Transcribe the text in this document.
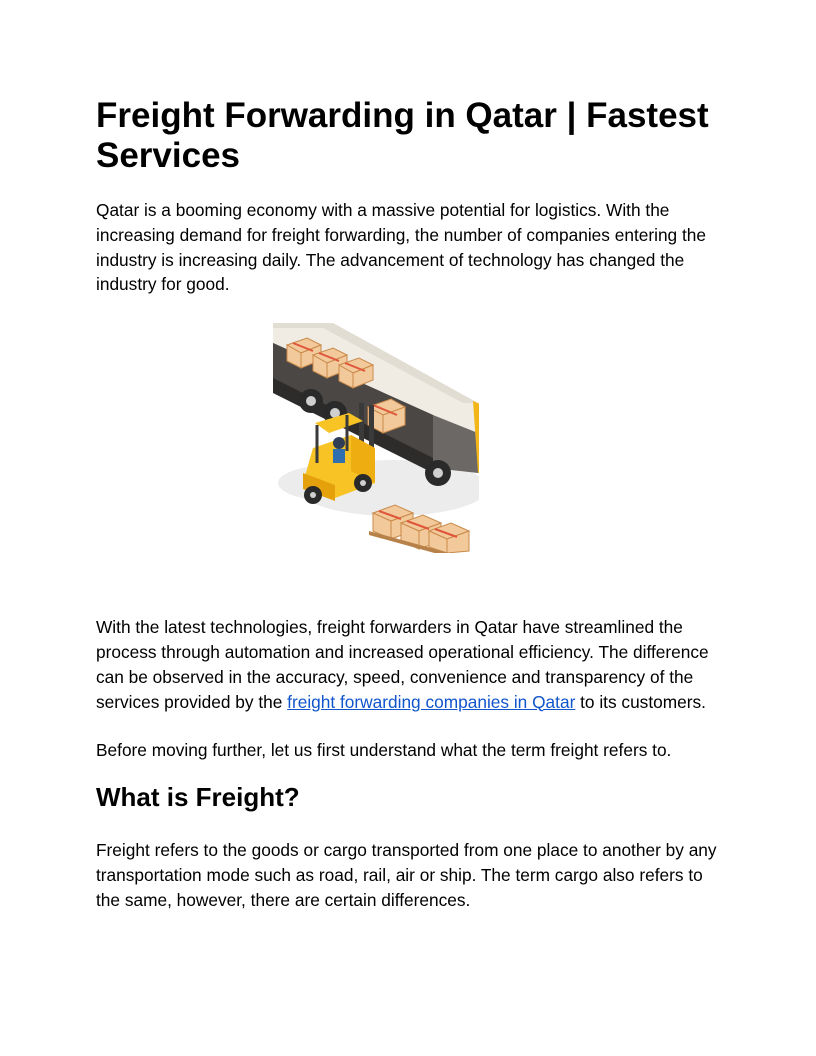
Freight Forwarding in Qatar | Fastest Services

Qatar is a booming economy with a massive potential for logistics. With the increasing demand for freight forwarding, the number of companies entering the industry is increasing daily. The advancement of technology has changed the industry for good.

With the latest technologies, freight forwarders in Qatar have streamlined the process through automation and increased operational efficiency. The difference can be observed in the accuracy, speed, convenience and transparency of the services provided by the freight forwarding companies in Qatar to its customers.

Before moving further, let us first understand what the term freight refers to.

What is Freight?

Freight refers to the goods or cargo transported from one place to another by any transportation mode such as road, rail, air or ship. The term cargo also refers to the same, however, there are certain differences.
